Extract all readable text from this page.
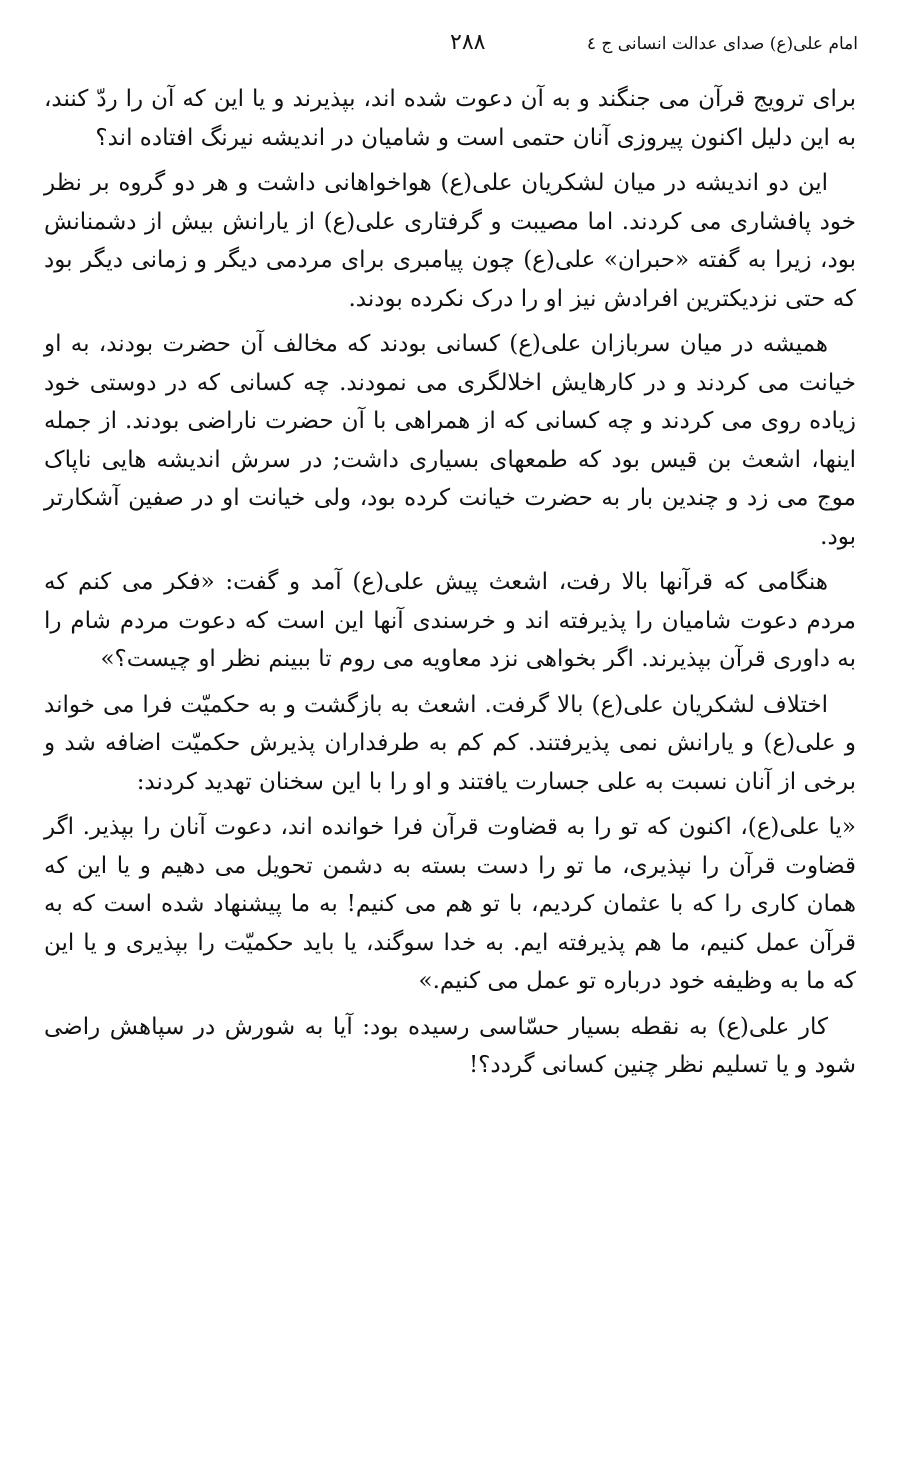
امام علی(ع) صدای عدالت انسانی ج ٤
۲۸۸

برای ترویج قرآن می جنگند و به آن دعوت شده اند، بپذیرند و یا این که آن را ردّ کنند، به این دلیل اکنون پیروزی آنان حتمی است و شامیان در اندیشه نیرنگ افتاده اند؟

این دو اندیشه در میان لشکریان علی(ع) هواخواهانی داشت و هر دو گروه بر نظر خود پافشاری می کردند. اما مصیبت و گرفتاری علی(ع) از یارانش بیش از دشمنانش بود، زیرا به گفته «حبران» علی(ع) چون پیامبری برای مردمی دیگر و زمانی دیگر بود که حتی نزدیکترین افرادش نیز او را درک نکرده بودند.

همیشه در میان سربازان علی(ع) کسانی بودند که مخالف آن حضرت بودند، به او خیانت می کردند و در کارهایش اخلالگری می نمودند. چه کسانی که در دوستی خود زیاده روی می کردند و چه کسانی که از همراهی با آن حضرت ناراضی بودند. از جمله اینها، اشعث بن قیس بود که طمعهای بسیاری داشت; در سرش اندیشه هایی ناپاک موج می زد و چندین بار به حضرت خیانت کرده بود، ولی خیانت او در صفین آشکارتر بود.

هنگامی که قرآنها بالا رفت، اشعث پیش علی(ع) آمد و گفت: «فکر می کنم که مردم دعوت شامیان را پذیرفته اند و خرسندی آنها این است که دعوت مردم شام را به داوری قرآن بپذیرند. اگر بخواهی نزد معاویه می روم تا ببینم نظر او چیست؟»

اختلاف لشکریان علی(ع) بالا گرفت. اشعث به بازگشت و به حکمیّت فرا می خواند و علی(ع) و یارانش نمی پذیرفتند. کم کم به طرفداران پذیرش حکمیّت اضافه شد و برخی از آنان نسبت به علی جسارت یافتند و او را با این سخنان تهدید کردند:

«یا علی(ع)، اکنون که تو را به قضاوت قرآن فرا خوانده اند، دعوت آنان را بپذیر. اگر قضاوت قرآن را نپذیری، ما تو را دست بسته به دشمن تحویل می دهیم و یا این که همان کاری را که با عثمان کردیم، با تو هم می کنیم! به ما پیشنهاد شده است که به قرآن عمل کنیم، ما هم پذیرفته ایم. به خدا سوگند، یا باید حکمیّت را بپذیری و یا این که ما به وظیفه خود درباره تو عمل می کنیم.»

کار علی(ع) به نقطه بسیار حسّاسی رسیده بود: آیا به شورش در سپاهش راضی شود و یا تسلیم نظر چنین کسانی گردد؟!
